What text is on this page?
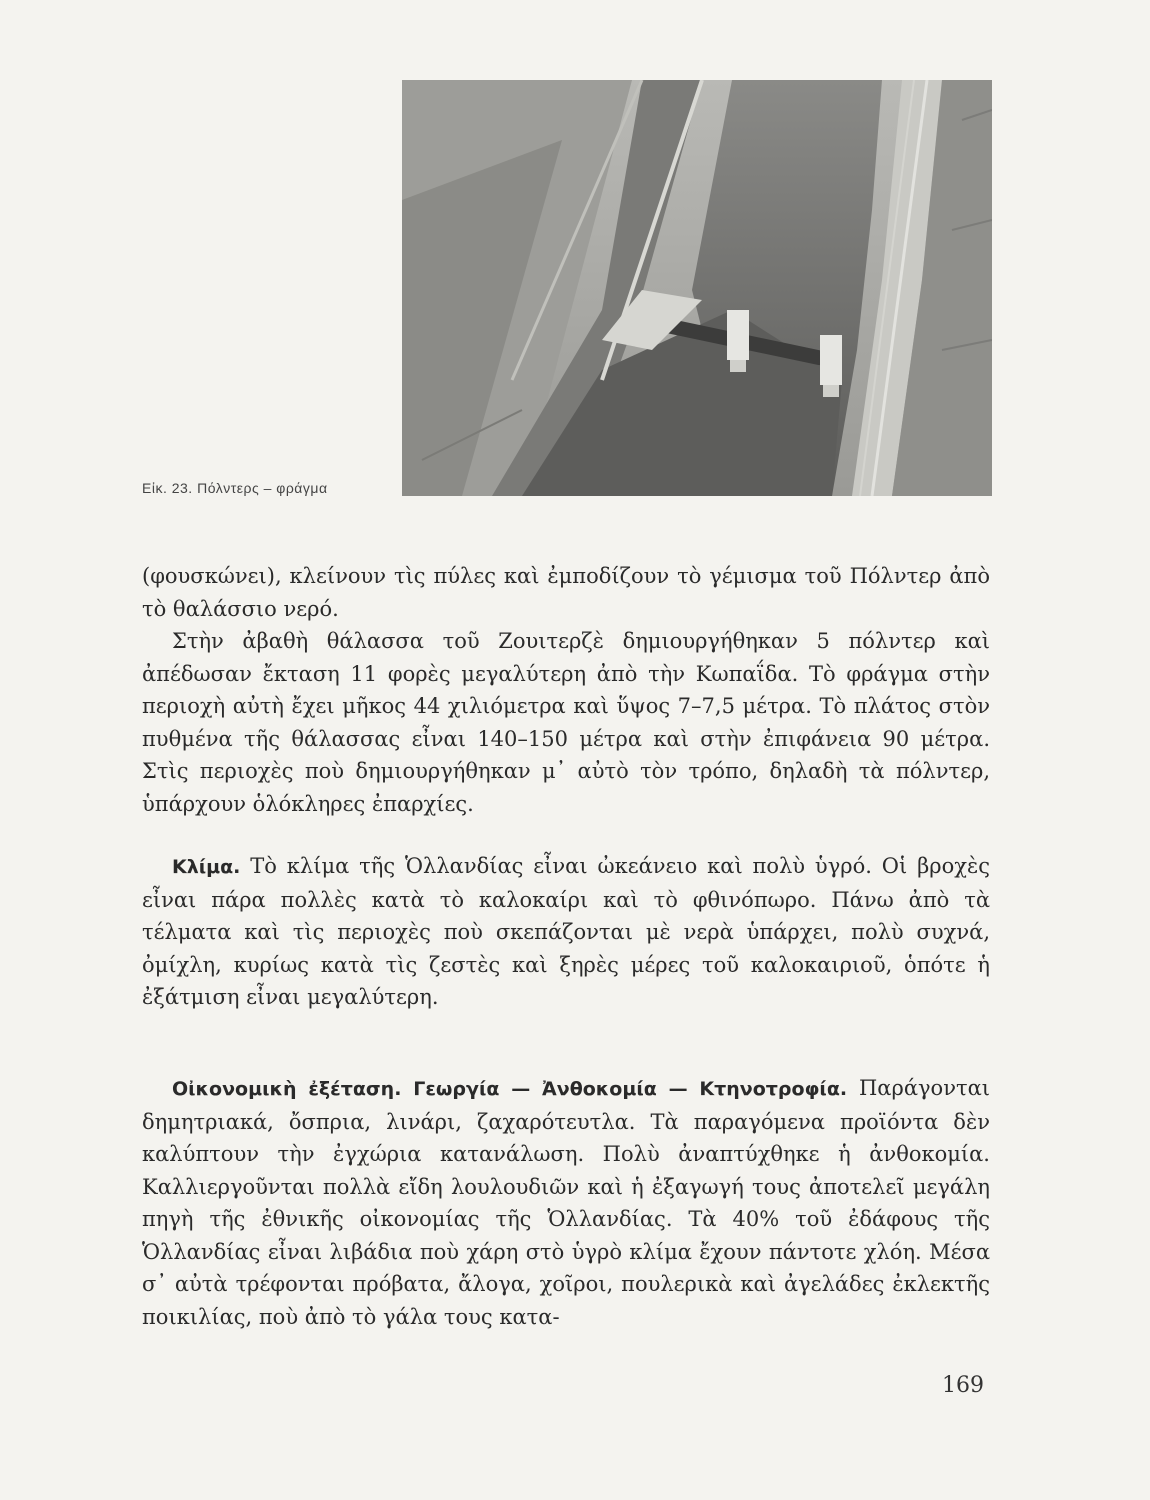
Εἰκ. 23. Πόλντερς – φράγμα

(φουσκώνει), κλείνουν τὶς πύλες καὶ ἐμποδίζουν τὸ γέμισμα τοῦ Πόλντερ ἀπὸ τὸ θαλάσσιο νερό.

Στὴν ἀβαθὴ θάλασσα τοῦ Ζουιτερζὲ δημιουργήθηκαν 5 πόλντερ καὶ ἀπέδωσαν ἔκταση 11 φορὲς μεγαλύτερη ἀπὸ τὴν Κωπαΐδα. Τὸ φράγμα στὴν περιοχὴ αὐτὴ ἔχει μῆκος 44 χιλιόμετρα καὶ ὕψος 7–7,5 μέτρα. Τὸ πλάτος στὸν πυθμένα τῆς θάλασσας εἶναι 140–150 μέτρα καὶ στὴν ἐπιφάνεια 90 μέτρα. Στὶς περιοχὲς ποὺ δημιουργήθηκαν μ᾽ αὐτὸ τὸν τρόπο, δηλαδὴ τὰ πόλντερ, ὑπάρχουν ὁλόκληρες ἐπαρχίες.

Κλίμα. Τὸ κλίμα τῆς Ὁλλανδίας εἶναι ὠκεάνειο καὶ πολὺ ὑγρό. Οἱ βροχὲς εἶναι πάρα πολλὲς κατὰ τὸ καλοκαίρι καὶ τὸ φθινόπωρο. Πάνω ἀπὸ τὰ τέλματα καὶ τὶς περιοχὲς ποὺ σκεπάζονται μὲ νερὰ ὑπάρχει, πολὺ συχνά, ὀμίχλη, κυρίως κατὰ τὶς ζεστὲς καὶ ξηρὲς μέρες τοῦ καλοκαιριοῦ, ὁπότε ἡ ἐξάτμιση εἶναι μεγαλύτερη.

Οἰκονομικὴ ἐξέταση. Γεωργία — Ἀνθοκομία — Κτηνοτροφία. Παράγονται δημητριακά, ὄσπρια, λινάρι, ζαχαρότευτλα. Τὰ παραγόμενα προϊόντα δὲν καλύπτουν τὴν ἐγχώρια κατανάλωση. Πολὺ ἀναπτύχθηκε ἡ ἀνθοκομία. Καλλιεργοῦνται πολλὰ εἴδη λουλουδιῶν καὶ ἡ ἐξαγωγή τους ἀποτελεῖ μεγάλη πηγὴ τῆς ἐθνικῆς οἰκονομίας τῆς Ὁλλανδίας. Τὰ 40% τοῦ ἐδάφους τῆς Ὁλλανδίας εἶναι λιβάδια ποὺ χάρη στὸ ὑγρὸ κλίμα ἔχουν πάντοτε χλόη. Μέσα σ᾽ αὐτὰ τρέφονται πρόβατα, ἄλογα, χοῖροι, πουλερικὰ καὶ ἀγελάδες ἐκλεκτῆς ποικιλίας, ποὺ ἀπὸ τὸ γάλα τους κατα-

169
